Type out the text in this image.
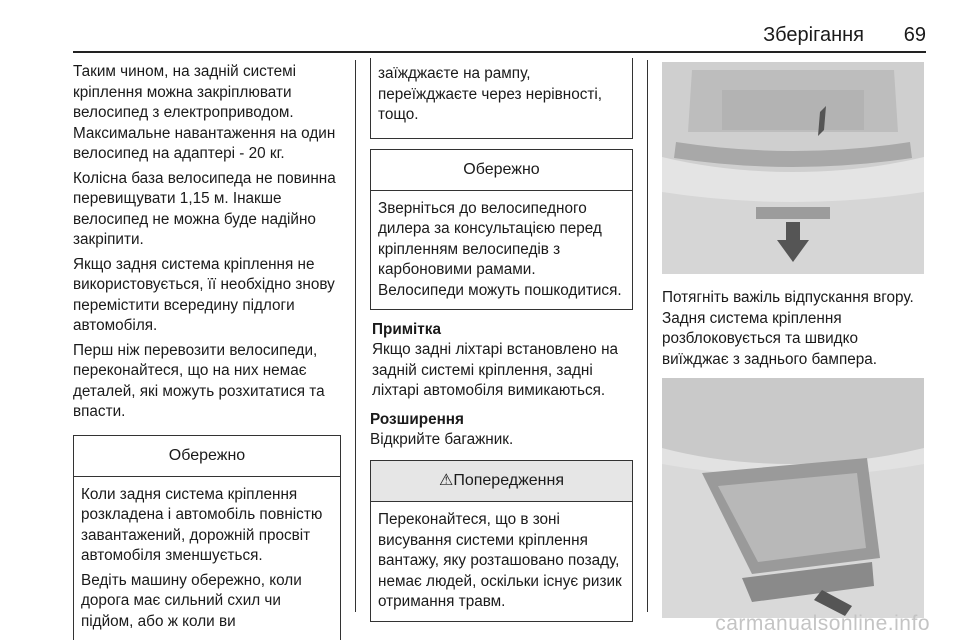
Зберігання 69

Таким чином, на задній системі кріплення можна закріплювати велосипед з електроприводом. Максимальне навантаження на один велосипед на адаптері - 20 кг.

Колісна база велосипеда не повинна перевищувати 1,15 м. Інакше велосипед не можна буде надійно закріпити.

Якщо задня система кріплення не використовується, її необхідно знову перемістити всередину підлоги автомобіля.

Перш ніж перевозити велосипеди, переконайтеся, що на них немає деталей, які можуть розхитатися та впасти.

Обережно

Коли задня система кріплення розкладена і автомобіль повністю завантажений, дорожній просвіт автомобіля зменшується.

Ведіть машину обережно, коли дорога має сильний схил чи підйом, або ж коли ви

заїжджаєте на рампу, переїжджаєте через нерівності, тощо.

Обережно

Зверніться до велосипедного дилера за консультацією перед кріпленням велосипедів з карбоновими рамами. Велосипеди можуть пошкодитися.

Примітка

Якщо задні ліхтарі встановлено на задній системі кріплення, задні ліхтарі автомобіля вимикаються.

Розширення

Відкрийте багажник.

⚠Попередження

Переконайтеся, що в зоні висування системи кріплення вантажу, яку розташовано позаду, немає людей, оскільки існує ризик отримання травм.

Потягніть важіль відпускання вгору. Задня система кріплення розблоковується та швидко виїжджає з заднього бампера.

carmanualsonline.info
